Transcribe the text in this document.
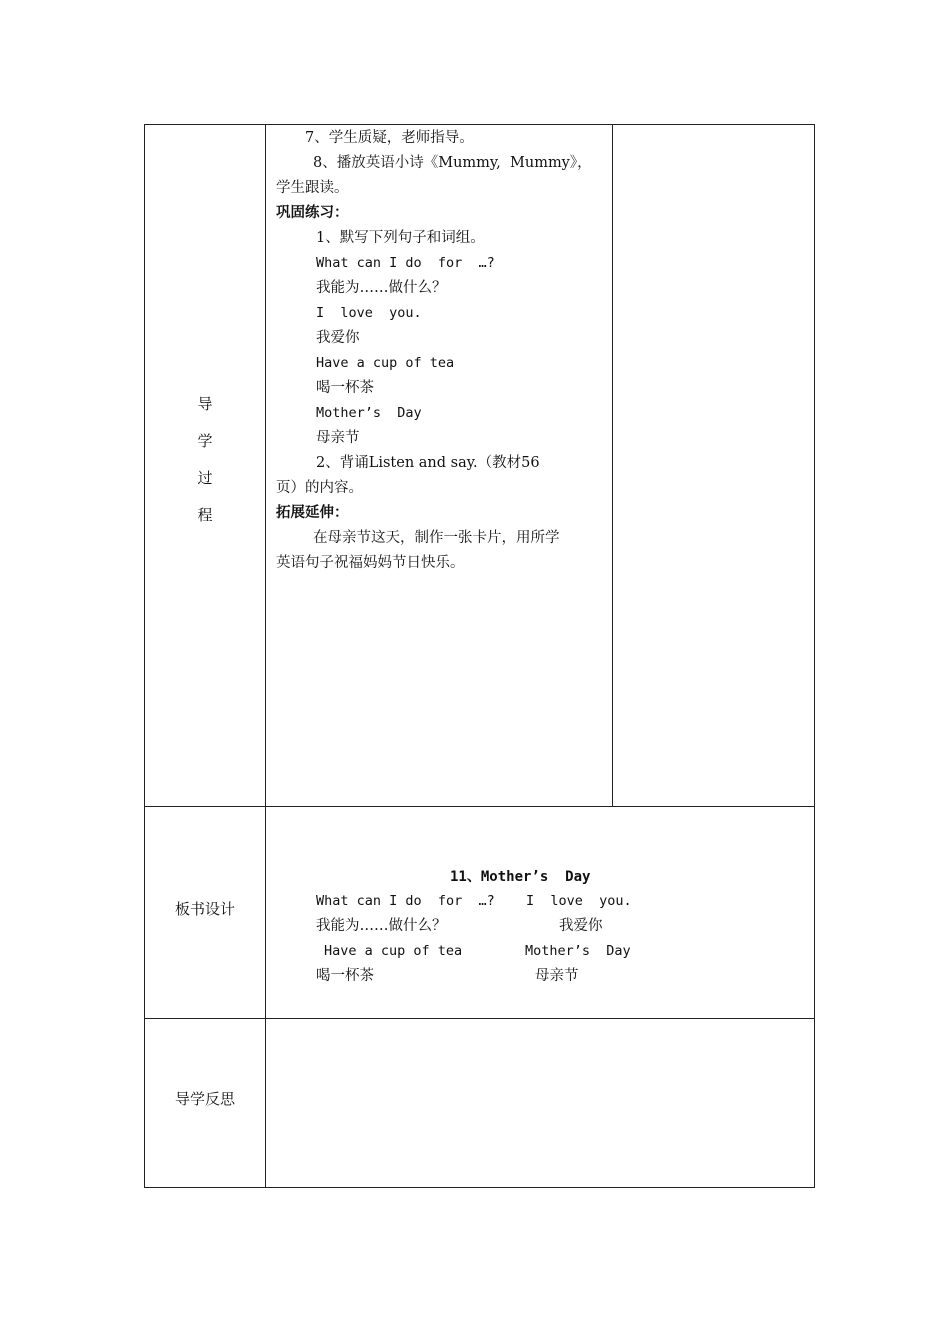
导
学
过
程
7、学生质疑，老师指导。
8、播放英语小诗《Mummy,  Mummy》，
学生跟读。
巩固练习：
1、默写下列句子和词组。
What can I do  for  …?
我能为……做什么？
I  love  you.
我爱你
Have a cup of tea
喝一杯茶
Mother’s  Day
母亲节
2、背诵Listen and say.（教材56
页）的内容。
拓展延伸：
在母亲节这天，制作一张卡片，用所学
英语句子祝福妈妈节日快乐。
板书设计
11、Mother’s  Day
What can I do  for  …?
我能为……做什么？
Have a cup of tea
喝一杯茶
I  love  you.
我爱你
Mother’s  Day
母亲节
导学反思
